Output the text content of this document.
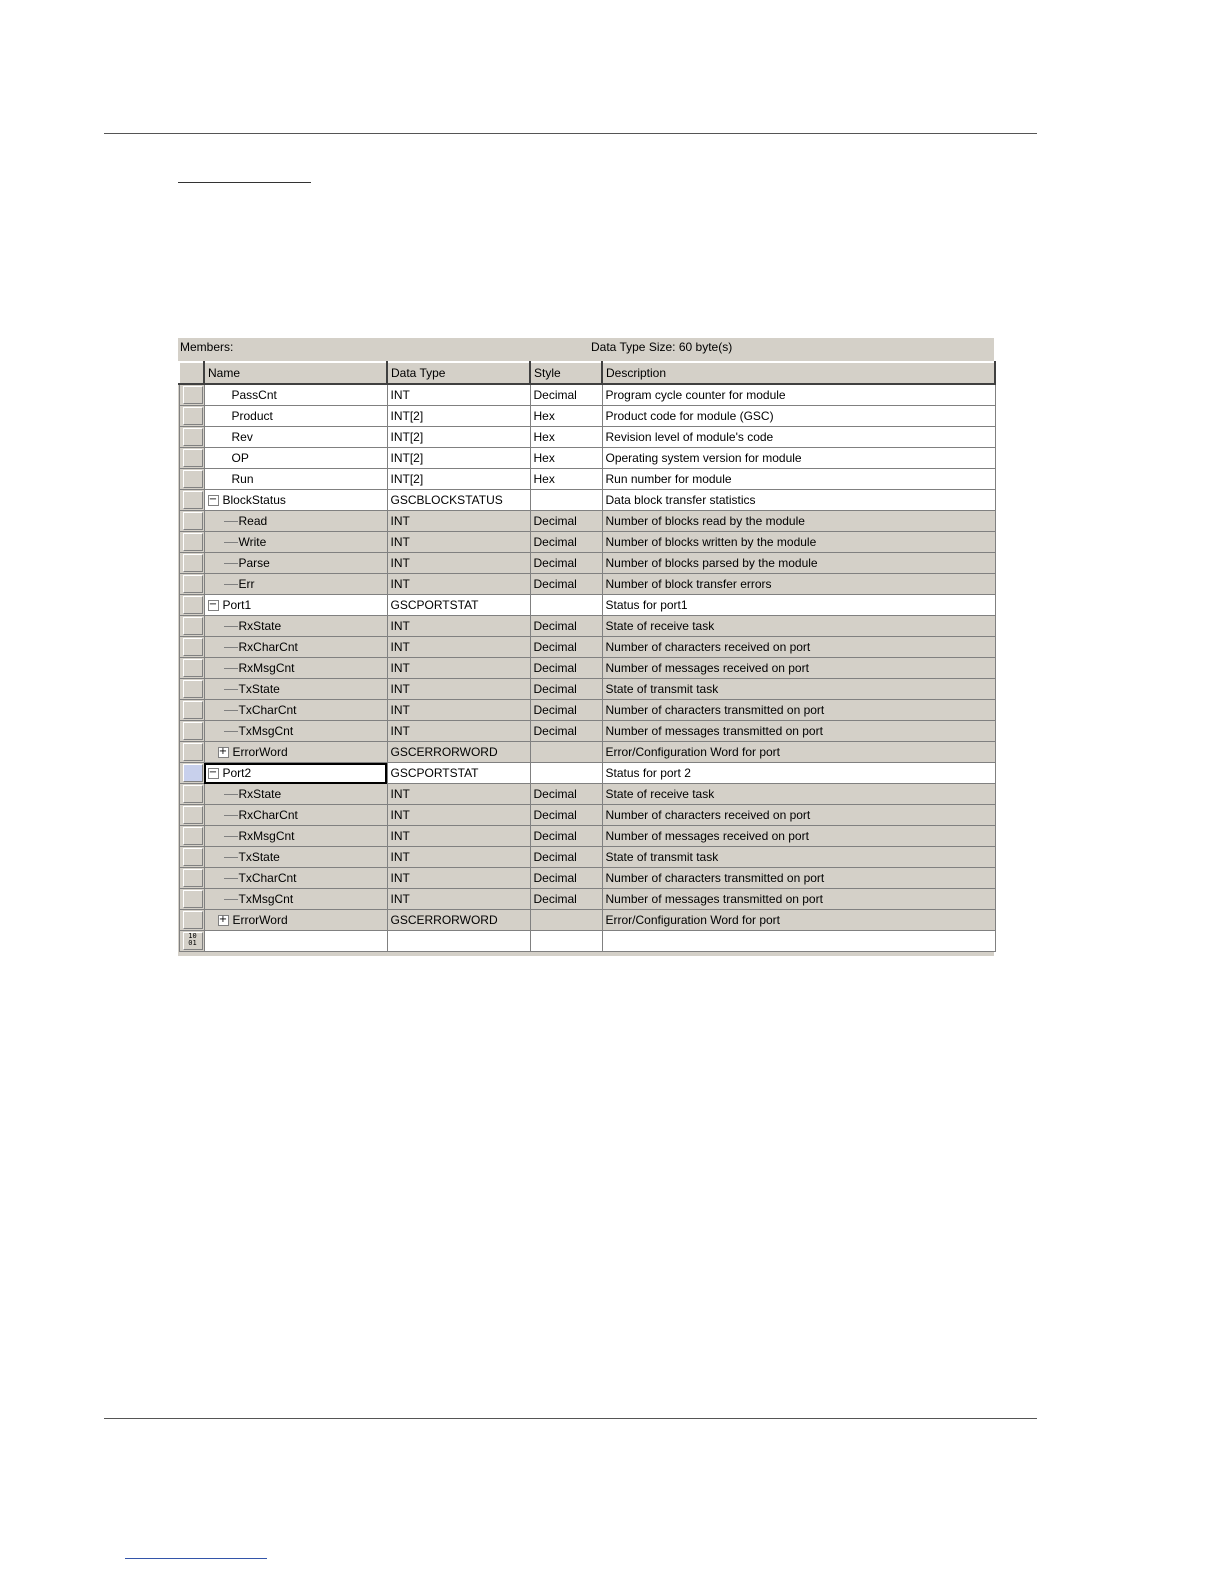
Members:	Data Type Size: 60 byte(s)
	Name	Data Type	Style	Description

	PassCnt	INT	Decimal	Program cycle counter for module

	Product	INT[2]	Hex	Product code for module (GSC)

	Rev	INT[2]	Hex	Revision level of module's code

	OP	INT[2]	Hex	Operating system version for module

	Run	INT[2]	Hex	Run number for module

	− BlockStatus	GSCBLOCKSTATUS		Data block transfer statistics

	Read	INT	Decimal	Number of blocks read by the module

	Write	INT	Decimal	Number of blocks written by the module

	Parse	INT	Decimal	Number of blocks parsed by the module

	Err	INT	Decimal	Number of block transfer errors

	− Port1	GSCPORTSTAT		Status for port1

	RxState	INT	Decimal	State of receive task

	RxCharCnt	INT	Decimal	Number of characters received on port

	RxMsgCnt	INT	Decimal	Number of messages received on port

	TxState	INT	Decimal	State of transmit task

	TxCharCnt	INT	Decimal	Number of characters transmitted on port

	TxMsgCnt	INT	Decimal	Number of messages transmitted on port

	+ ErrorWord	GSCERRORWORD		Error/Configuration Word for port

	− Port2	GSCPORTSTAT		Status for port 2

	RxState	INT	Decimal	State of receive task

	RxCharCnt	INT	Decimal	Number of characters received on port

	RxMsgCnt	INT	Decimal	Number of messages received on port

	TxState	INT	Decimal	State of transmit task

	TxCharCnt	INT	Decimal	Number of characters transmitted on port

	TxMsgCnt	INT	Decimal	Number of messages transmitted on port

	+ ErrorWord	GSCERRORWORD		Error/Configuration Word for port

10
01				
